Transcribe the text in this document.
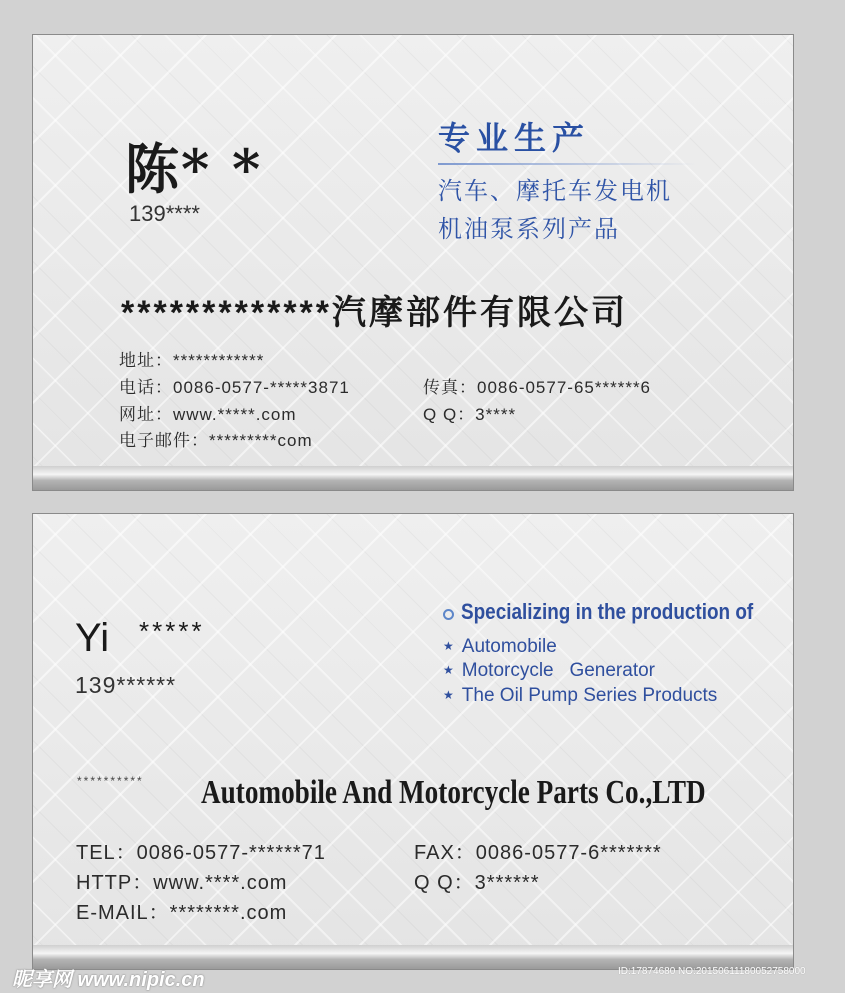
陈* *
139****
专业生产
汽车、摩托车发电机
机油泵系列产品
*************汽摩部件有限公司
地址：************
电话：0086-0577-*****3871	传真：0086-0577-65******6
网址：www.*****.com	Q Q：3****
电子邮件：*********com
Yi *****
139******
Specializing in the production of
★ Automobile
★ Motorcycle   Generator
★ The Oil Pump Series Products
********** Automobile And Motorcycle Parts Co.,LTD
TEL：0086-0577-******71	FAX：0086-0577-6*******
HTTP：www.****.com	Q Q：3******
E-MAIL：********.com
昵享网 www.nipic.cn	ID:17874680 NO:20150611180052758000
